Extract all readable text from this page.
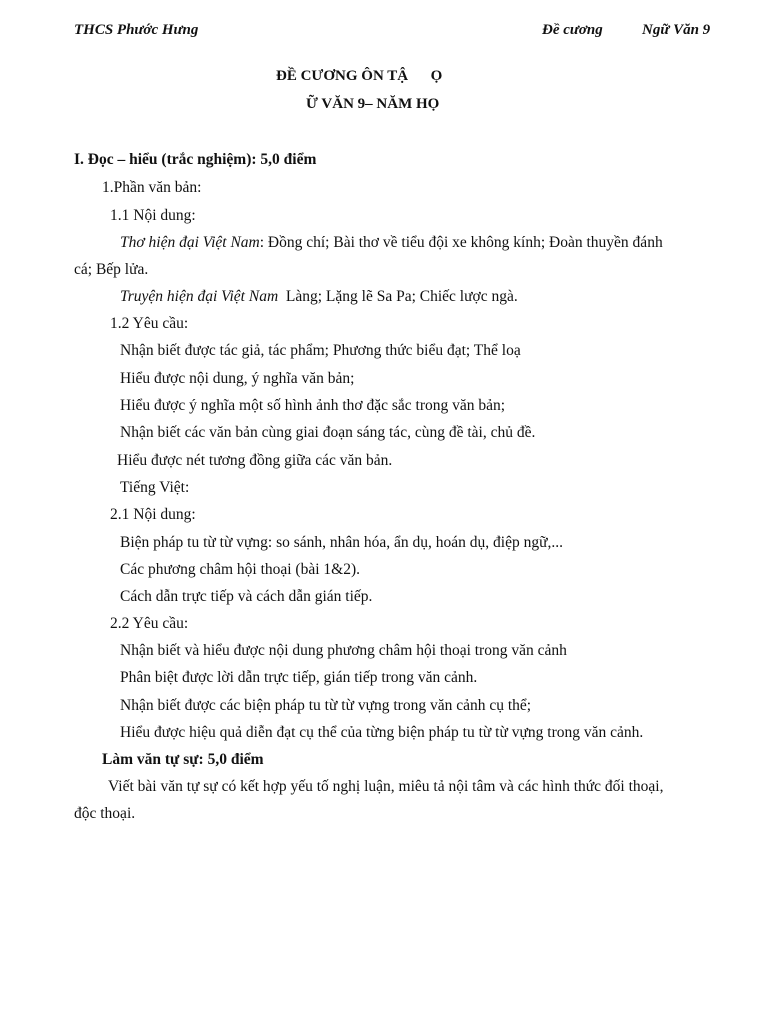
THCS Phước Hưng	Đề cương	Ngữ Văn 9
ĐỀ CƯƠNG ÔN TẬ      Ọ
Ữ VĂN 9– NĂM HỌ
I. Đọc – hiểu (trắc nghiệm): 5,0 điểm
1.Phần văn bản:
1.1 Nội dung:
Thơ hiện đại Việt Nam: Đồng chí; Bài thơ về tiểu đội xe không kính; Đoàn thuyền đánh
cá; Bếp lửa.
Truyện hiện đại Việt Nam  Làng; Lặng lẽ Sa Pa; Chiếc lược ngà.
1.2 Yêu cầu:
Nhận biết được tác giả, tác phẩm; Phương thức biểu đạt; Thể loạ
Hiểu được nội dung, ý nghĩa văn bản;
Hiểu được ý nghĩa một số hình ảnh thơ đặc sắc trong văn bản;
Nhận biết các văn bản cùng giai đoạn sáng tác, cùng đề tài, chủ đề.
Hiểu được nét tương đồng giữa các văn bản.
Tiếng Việt:
2.1 Nội dung:
Biện pháp tu từ từ vựng: so sánh, nhân hóa, ẩn dụ, hoán dụ, điệp ngữ,...
Các phương châm hội thoại (bài 1&2).
Cách dẫn trực tiếp và cách dẫn gián tiếp.
2.2 Yêu cầu:
Nhận biết và hiểu được nội dung phương châm hội thoại trong văn cảnh
Phân biệt được lời dẫn trực tiếp, gián tiếp trong văn cảnh.
Nhận biết được các biện pháp tu từ từ vựng trong văn cảnh cụ thể;
Hiểu được hiệu quả diễn đạt cụ thể của từng biện pháp tu từ từ vựng trong văn cảnh.
Làm văn tự sự: 5,0 điểm
Viết bài văn tự sự có kết hợp yếu tố nghị luận, miêu tả nội tâm và các hình thức đối thoại,
độc thoại.
